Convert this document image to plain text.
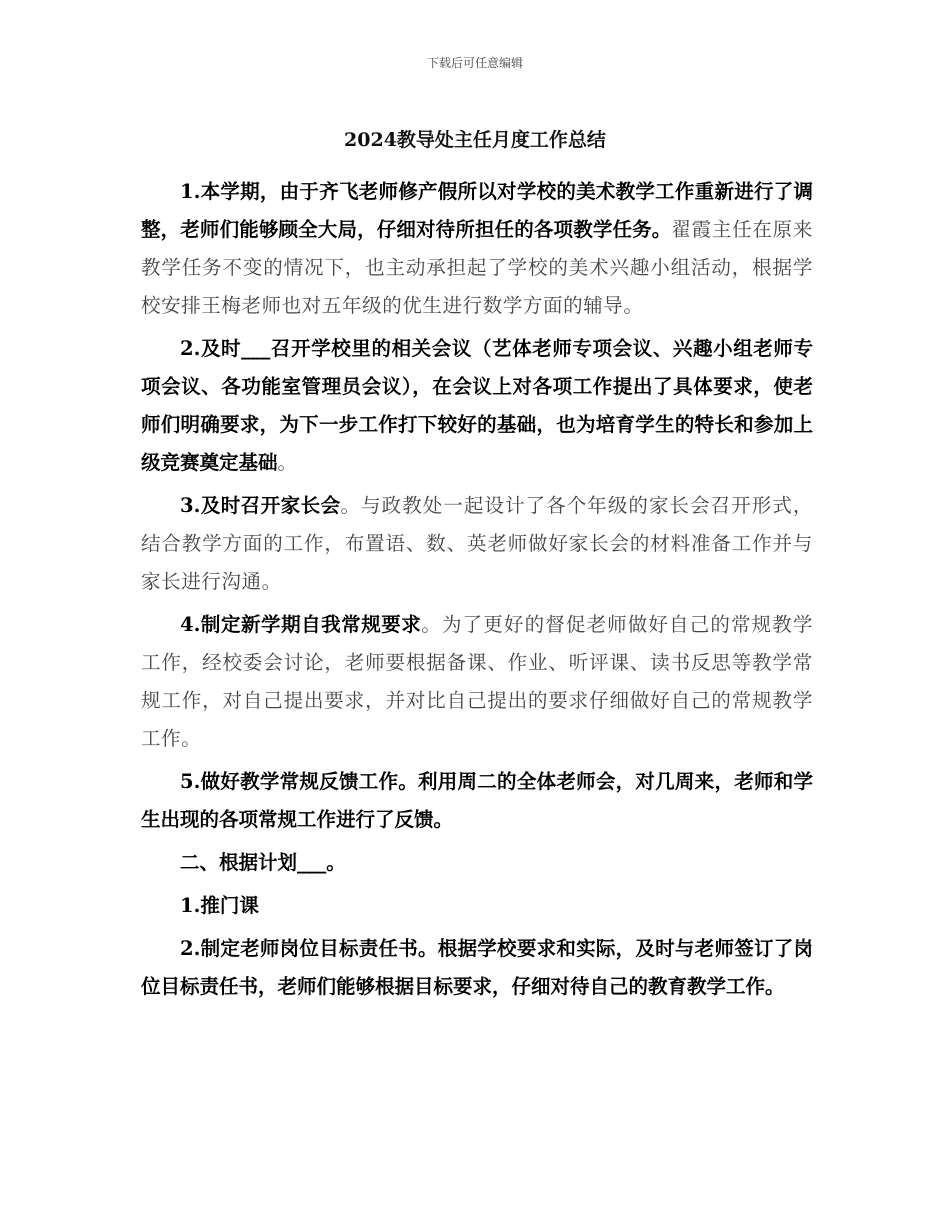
下载后可任意编辑
2024教导处主任月度工作总结

1.本学期，由于齐飞老师修产假所以对学校的美术教学工作重新进行了调整，老师们能够顾全大局，仔细对待所担任的各项教学任务。翟霞主任在原来教学任务不变的情况下，也主动承担起了学校的美术兴趣小组活动，根据学校安排王梅老师也对五年级的优生进行数学方面的辅导。

2.及时___召开学校里的相关会议（艺体老师专项会议、兴趣小组老师专项会议、各功能室管理员会议），在会议上对各项工作提出了具体要求，使老师们明确要求，为下一步工作打下较好的基础，也为培育学生的特长和参加上级竞赛奠定基础。

3.及时召开家长会。与政教处一起设计了各个年级的家长会召开形式，结合教学方面的工作，布置语、数、英老师做好家长会的材料准备工作并与家长进行沟通。

4.制定新学期自我常规要求。为了更好的督促老师做好自己的常规教学工作，经校委会讨论，老师要根据备课、作业、听评课、读书反思等教学常规工作，对自己提出要求，并对比自己提出的要求仔细做好自己的常规教学工作。

5.做好教学常规反馈工作。利用周二的全体老师会，对几周来，老师和学生出现的各项常规工作进行了反馈。

二、根据计划___。

1.推门课

2.制定老师岗位目标责任书。根据学校要求和实际，及时与老师签订了岗位目标责任书，老师们能够根据目标要求，仔细对待自己的教育教学工作。
